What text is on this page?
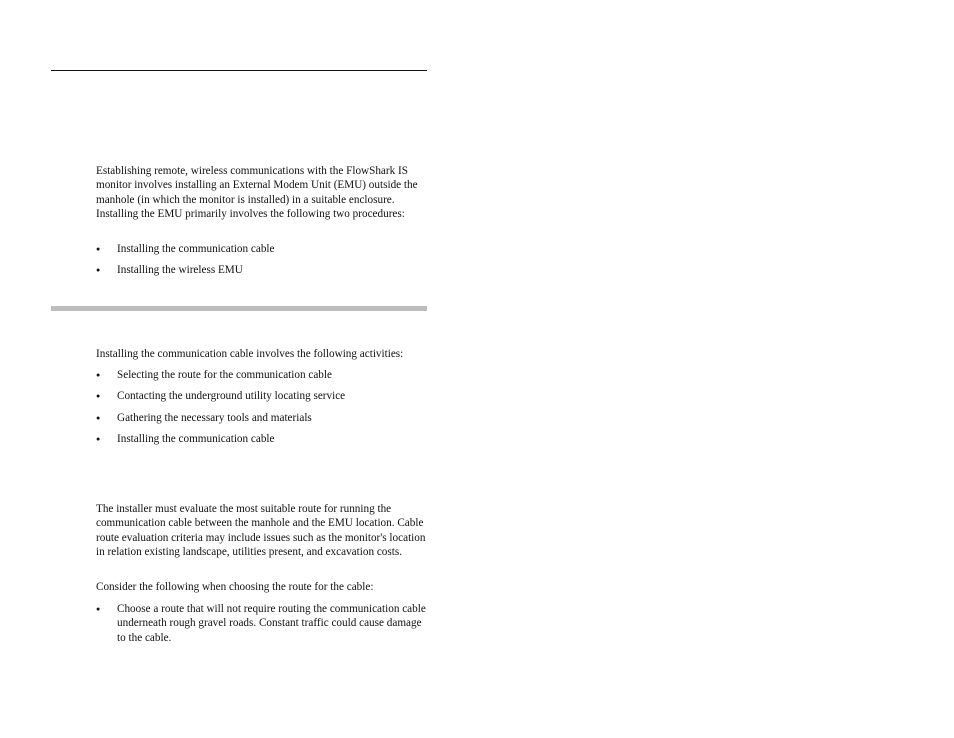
Establishing remote, wireless communications with the FlowShark IS monitor involves installing an External Modem Unit (EMU) outside the manhole (in which the monitor is installed) in a suitable enclosure. Installing the EMU primarily involves the following two procedures:

● Installing the communication cable
● Installing the wireless EMU

Installing the communication cable involves the following activities:

● Selecting the route for the communication cable
● Contacting the underground utility locating service
● Gathering the necessary tools and materials
● Installing the communication cable

The installer must evaluate the most suitable route for running the communication cable between the manhole and the EMU location. Cable route evaluation criteria may include issues such as the monitor's location in relation existing landscape, utilities present, and excavation costs.

Consider the following when choosing the route for the cable:

● Choose a route that will not require routing the communication cable underneath rough gravel roads. Constant traffic could cause damage to the cable.
